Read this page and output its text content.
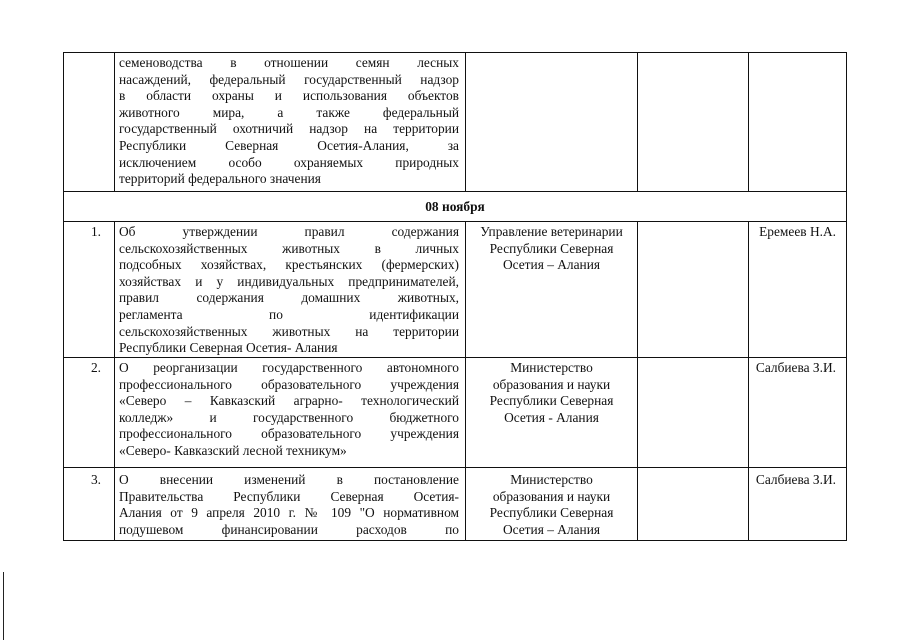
семеноводства в отношении семян лесных
насаждений, федеральный государственный надзор
в области охраны и использования объектов
животного мира, а также федеральный
государственный охотничий надзор на территории
Республики Северная Осетия-Алания, за
исключением особо охраняемых природных
территорий федерального значения
08 ноября
1. Об утверждении правил содержания
сельскохозяйственных животных в личных
подсобных хозяйствах, крестьянских (фермерских)
хозяйствах и у индивидуальных предпринимателей,
правил содержания домашних животных,
регламента по идентификации
сельскохозяйственных животных на территории
Республики Северная Осетия- Алания
Управление ветеринарии
Республики Северная
Осетия – Алания
Еремеев Н.А.
2. О реорганизации государственного автономного
профессионального образовательного учреждения
«Северо – Кавказский аграрно- технологический
колледж» и государственного бюджетного
профессионального образовательного учреждения
«Северо- Кавказский лесной техникум»
Министерство
образования и науки
Республики Северная
Осетия - Алания
Салбиева З.И.
3. О внесении изменений в постановление
Правительства Республики Северная Осетия-
Алания от 9 апреля 2010 г. № 109 "О нормативном
подушевом финансировании расходов по
Министерство
образования и науки
Республики Северная
Осетия – Алания
Салбиева З.И.
